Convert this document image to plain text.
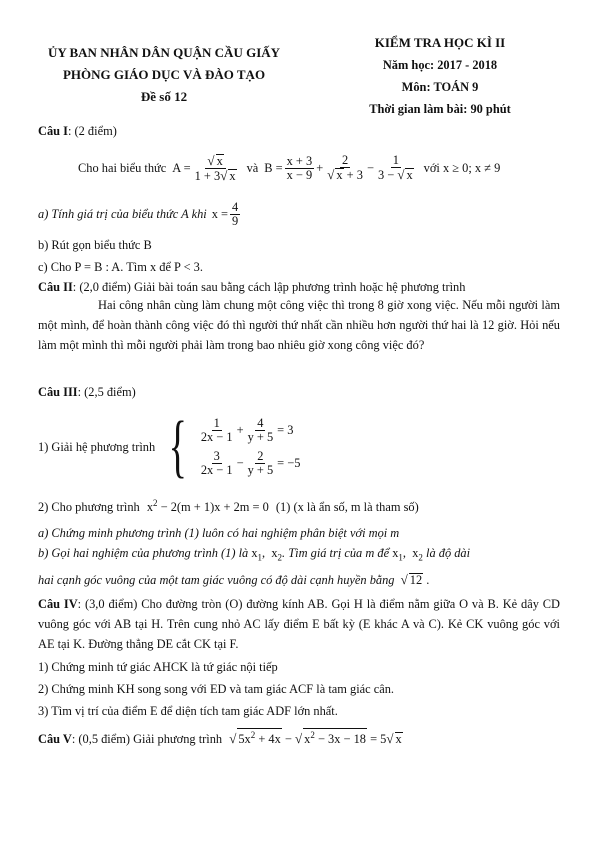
ỦY BAN NHÂN DÂN QUẬN CẦU GIẤY
PHÒNG GIÁO DỤC VÀ ĐÀO TẠO
Đề số 12
KIỂM TRA HỌC KÌ II
Năm học: 2017 - 2018
Môn: TOÁN 9
Thời gian làm bài: 90 phút
Câu I: (2 điểm)
Cho hai biểu thức $A = \frac{√ x}{1 + 3√ x}$ và $B = \frac{x + 3}{x - 9} + \frac{2}{√ x + 3} - \frac{1}{3 - √ x}$ với x ≥ 0; x ≠ 9
a) Tính giá trị của biểu thức A khi $x = \frac{4}{9}$
b) Rút gọn biểu thức B
c) Cho P = B : A. Tìm x để P < 3.

Câu II: (2,0 điểm) Giải bài toán sau bằng cách lập phương trình hoặc hệ phương trình

Hai công nhân cùng làm chung một công việc thì trong 8 giờ xong việc. Nếu mỗi người làm một mình, để hoàn thành công việc đó thì người thứ nhất cần nhiều hơn người thứ hai là 12 giờ. Hỏi nếu làm một mình thì mỗi người phải làm trong bao nhiêu giờ xong công việc đó?

Câu III: (2,5 điểm)
1) Giải hệ phương trình { $\frac{1}{2x - 1} + \frac{4}{y + 5} = 3$
$\frac{3}{2x - 1} - \frac{2}{y + 5} = -5$
2) Cho phương trình $x^2 - 2(m + 1)x + 2m = 0$ (1) (x là ẩn số, m là tham số)
a) Chứng minh phương trình (1) luôn có hai nghiệm phân biệt với mọi m
b) Gọi hai nghiệm của phương trình (1) là $x_1$,  $x_2$. Tìm giá trị của m để $x_1$,  $x_2$ là độ dài
hai cạnh góc vuông của một tam giác vuông có độ dài cạnh huyền bằng √ 12 .
Câu IV: (3,0 điểm) Cho đường tròn (O) đường kính AB. Gọi H là điểm nằm giữa O và B. Kẻ dây CD vuông góc với AB tại H. Trên cung nhỏ AC lấy điểm E bất kỳ (E khác A và C). Kẻ CK vuông góc với AE tại K. Đường thẳng DE cắt CK tại F.
1) Chứng minh tứ giác AHCK là tứ giác nội tiếp
2) Chứng minh KH song song với ED và tam giác ACF là tam giác cân.
3) Tìm vị trí của điểm E để diện tích tam giác ADF lớn nhất.
Câu V: (0,5 điểm) Giải phương trình √ $5x^2 + 4x$ − √ $x^2 - 3x - 18 = 5√$ x
